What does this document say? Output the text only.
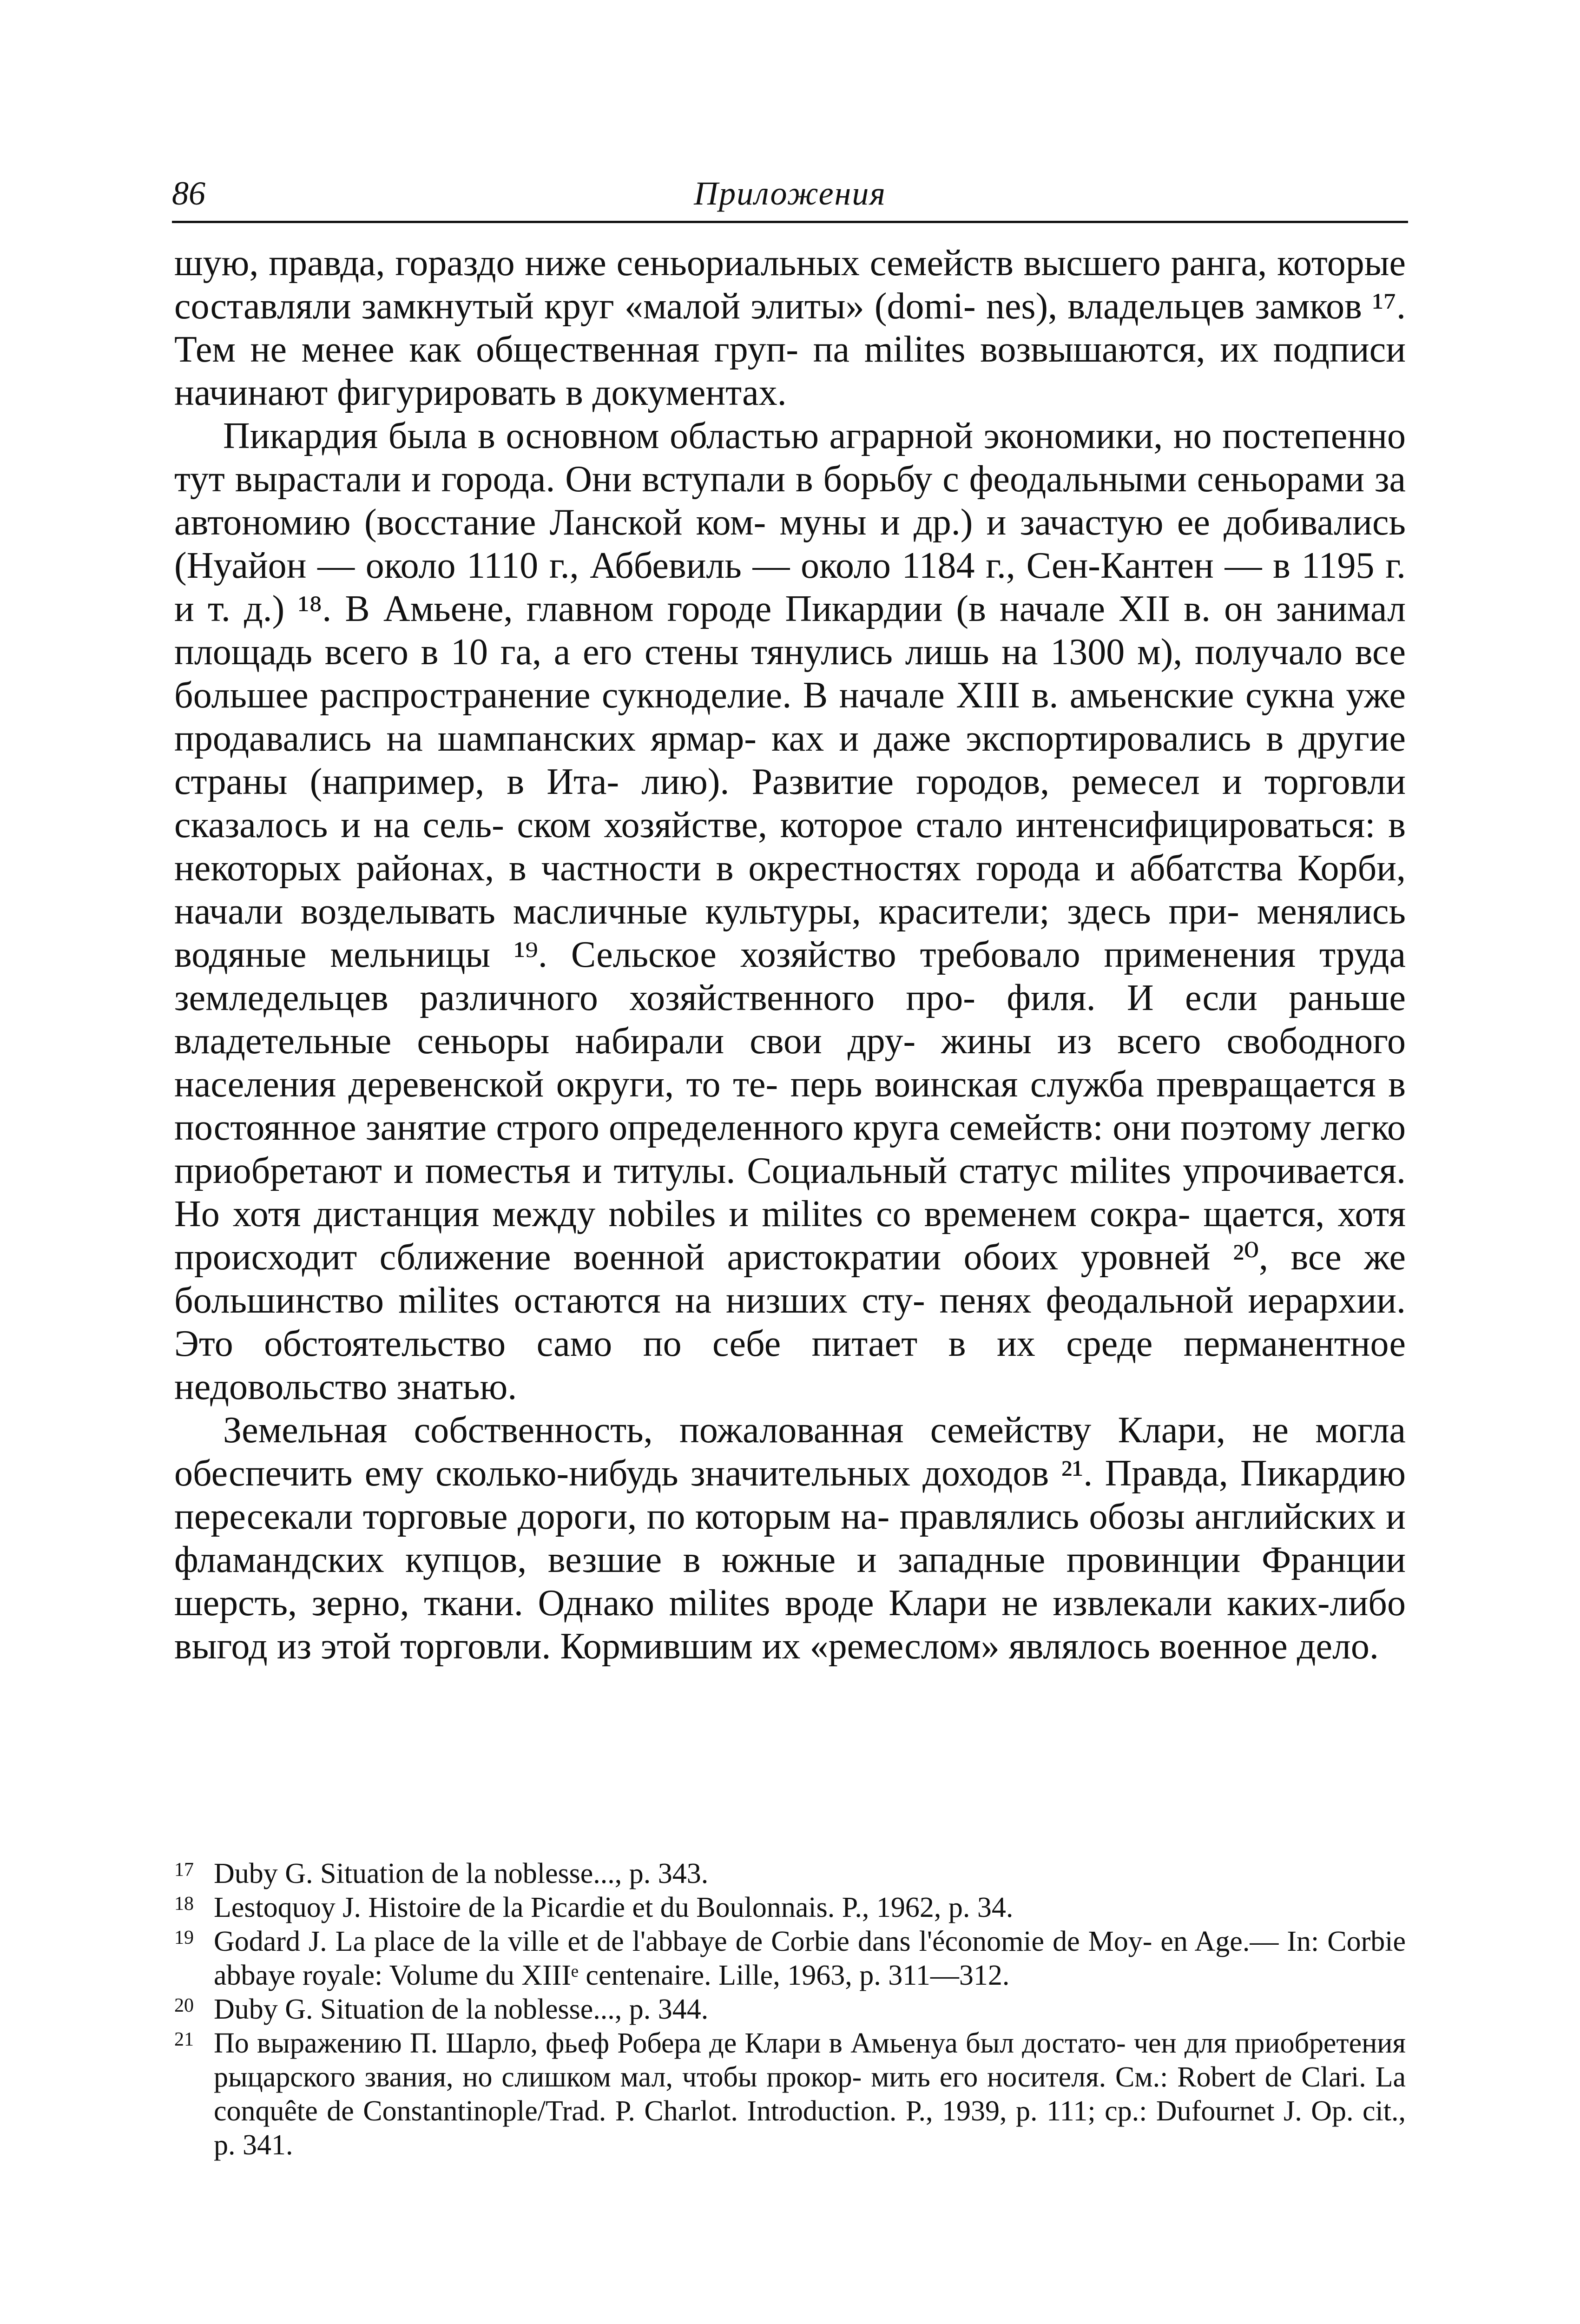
86	Приложения

шую, правда, гораздо ниже сеньориальных семейств высшего ранга, которые составляли замкнутый круг «малой элиты» (domi- nes), владельцев замков ¹⁷. Тем не менее как общественная груп- па milites возвышаются, их подписи начинают фигурировать в документах.

Пикардия была в основном областью аграрной экономики, но постепенно тут вырастали и города. Они вступали в борьбу с феодальными сеньорами за автономию (восстание Ланской ком- муны и др.) и зачастую ее добивались (Нуайон — около 1110 г., Аббевиль — около 1184 г., Сен-Кантен — в 1195 г. и т. д.) ¹⁸. В Амьене, главном городе Пикардии (в начале XII в. он занимал площадь всего в 10 га, а его стены тянулись лишь на 1300 м), получало все большее распространение сукноделие. В начале XIII в. амьенские сукна уже продавались на шампанских ярмар- ках и даже экспортировались в другие страны (например, в Ита- лию). Развитие городов, ремесел и торговли сказалось и на сель- ском хозяйстве, которое стало интенсифицироваться: в некоторых районах, в частности в окрестностях города и аббатства Корби, начали возделывать масличные культуры, красители; здесь при- менялись водяные мельницы ¹⁹. Сельское хозяйство требовало применения труда земледельцев различного хозяйственного про- филя. И если раньше владетельные сеньоры набирали свои дру- жины из всего свободного населения деревенской округи, то те- перь воинская служба превращается в постоянное занятие строго определенного круга семейств: они поэтому легко приобретают и поместья и титулы. Социальный статус milites упрочивается. Но хотя дистанция между nobiles и milites со временем сокра- щается, хотя происходит сближение военной аристократии обоих уровней ²⁰, все же большинство milites остаются на низших сту- пенях феодальной иерархии. Это обстоятельство само по себе питает в их среде перманентное недовольство знатью.

Земельная собственность, пожалованная семейству Клари, не могла обеспечить ему сколько-нибудь значительных доходов ²¹. Правда, Пикардию пересекали торговые дороги, по которым на- правлялись обозы английских и фламандских купцов, везшие в южные и западные провинции Франции шерсть, зерно, ткани. Однако milites вроде Клари не извлекали каких-либо выгод из этой торговли. Кормившим их «ремеслом» являлось военное дело.

17 Duby G. Situation de la noblesse..., p. 343.
18 Lestoquoy J. Histoire de la Picardie et du Boulonnais. P., 1962, p. 34.
19 Godard J. La place de la ville et de l'abbaye de Corbie dans l'économie de Moy- en Age.— In: Corbie abbaye royale: Volume du XIIIᵉ centenaire. Lille, 1963, p. 311—312.
20 Duby G. Situation de la noblesse..., p. 344.
21 По выражению П. Шарло, фьеф Робера де Клари в Амьенуа был достато- чен для приобретения рыцарского звания, но слишком мал, чтобы прокор- мить его носителя. См.: Robert de Clari. La conquête de Constantinople/Trad. P. Charlot. Introduction. P., 1939, p. 111; ср.: Dufournet J. Op. cit., p. 341.
